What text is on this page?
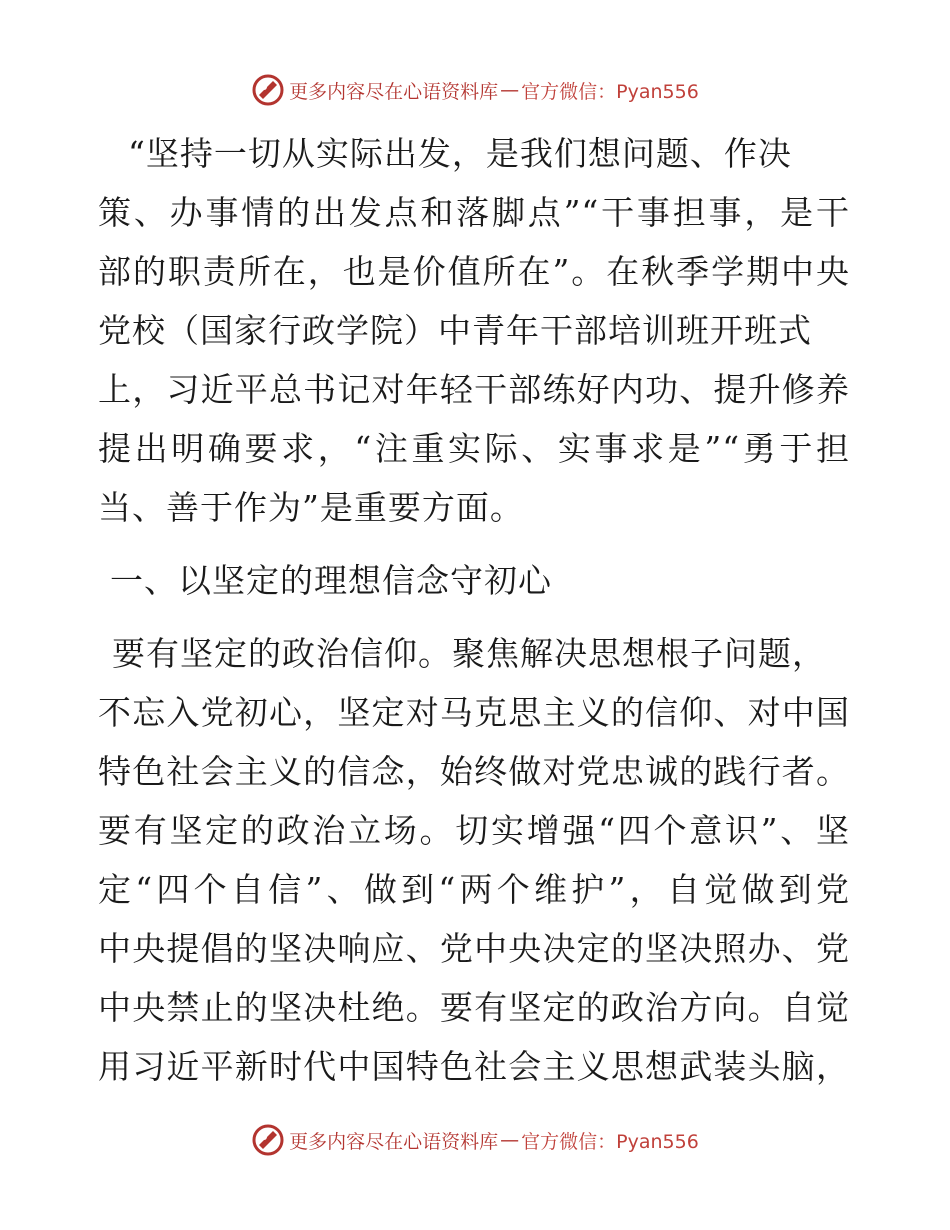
更多内容尽在心语资料库 — 官方微信：Pyan556
“坚持一切从实际出发，是我们想问题、作决
策、办事情的出发点和落脚点”“干事担事，是干
部的职责所在，也是价值所在”。在秋季学期中央
党校（国家行政学院）中青年干部培训班开班式
上，习近平总书记对年轻干部练好内功、提升修养
提出明确要求，“注重实际、实事求是”“勇于担
当、善于作为”是重要方面。
一、以坚定的理想信念守初心
要有坚定的政治信仰。聚焦解决思想根子问题，
不忘入党初心，坚定对马克思主义的信仰、对中国
特色社会主义的信念，始终做对党忠诚的践行者。
要有坚定的政治立场。切实增强“四个意识”、坚
定“四个自信”、做到“两个维护”，自觉做到党
中央提倡的坚决响应、党中央决定的坚决照办、党
中央禁止的坚决杜绝。要有坚定的政治方向。自觉
用习近平新时代中国特色社会主义思想武装头脑，
更多内容尽在心语资料库 — 官方微信：Pyan556
